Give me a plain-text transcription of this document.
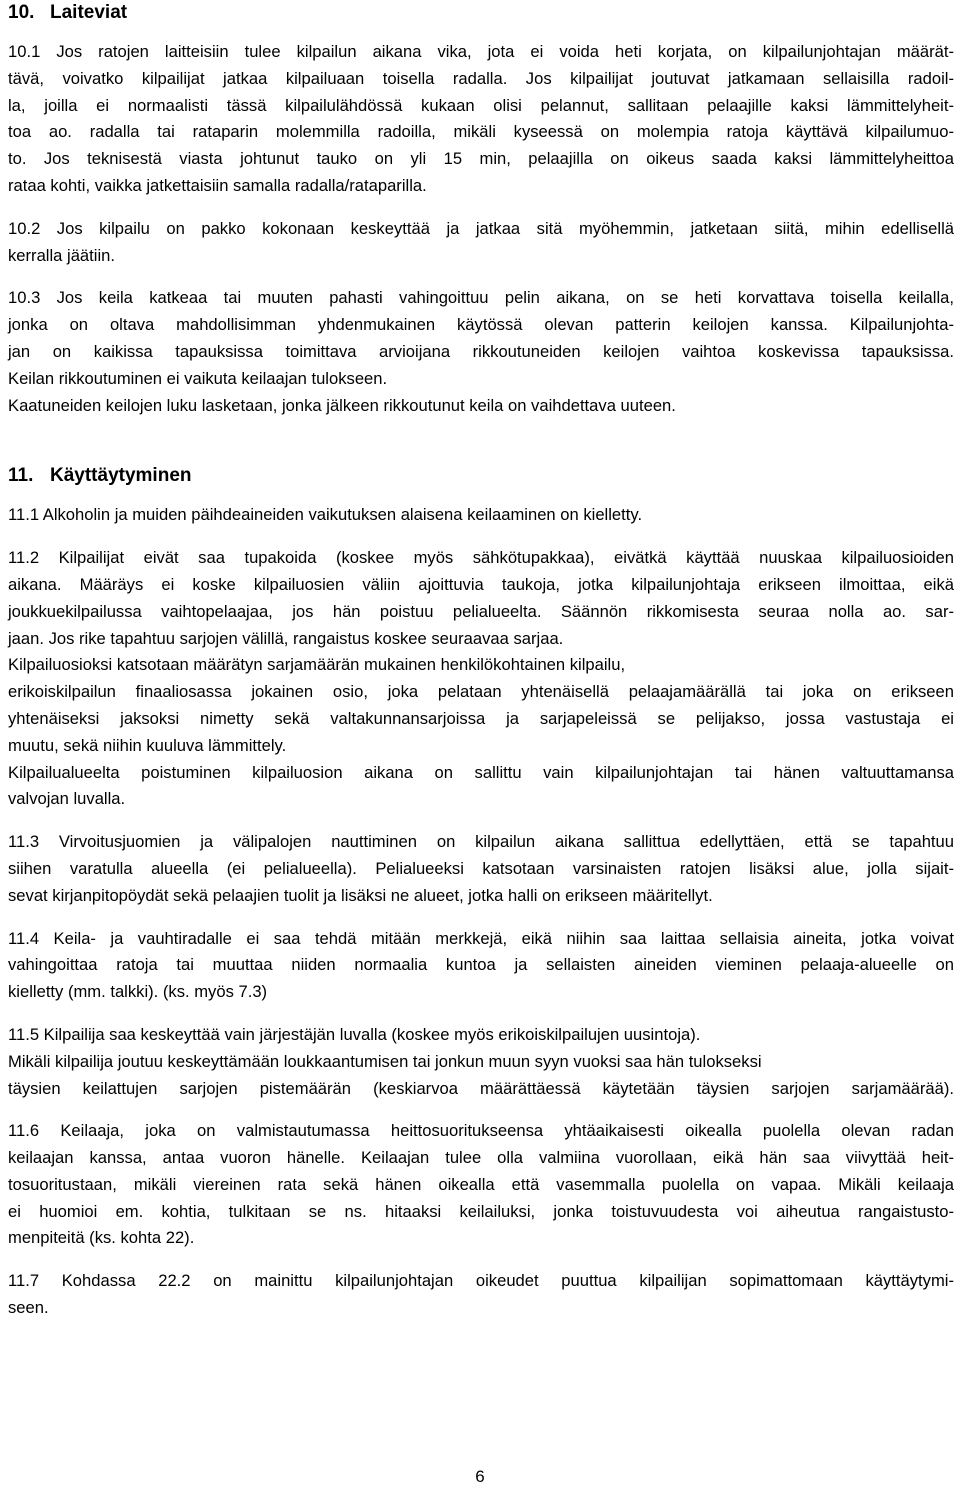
10. Laiteviat

10.1 Jos ratojen laitteisiin tulee kilpailun aikana vika, jota ei voida heti korjata, on kilpailunjohtajan määrät-
tävä, voivatko kilpailijat jatkaa kilpailuaan toisella radalla. Jos kilpailijat joutuvat jatkamaan sellaisilla radoil-
la, joilla ei normaalisti tässä kilpailulähdössä kukaan olisi pelannut, sallitaan pelaajille kaksi lämmittelyheit-
toa ao. radalla tai rataparin molemmilla radoilla, mikäli kyseessä on molempia ratoja käyttävä kilpailumuo-
to. Jos teknisestä viasta johtunut tauko on yli 15 min, pelaajilla on oikeus saada kaksi lämmittelyheittoa
rataa kohti, vaikka jatkettaisiin samalla radalla/rataparilla.

10.2 Jos kilpailu on pakko kokonaan keskeyttää ja jatkaa sitä myöhemmin, jatketaan siitä, mihin edellisellä
kerralla jäätiin.

10.3 Jos keila katkeaa tai muuten pahasti vahingoittuu pelin aikana, on se heti korvattava toisella keilalla,
jonka on oltava mahdollisimman yhdenmukainen käytössä olevan patterin keilojen kanssa. Kilpailunjohta-
jan on kaikissa tapauksissa toimittava arvioijana rikkoutuneiden keilojen vaihtoa koskevissa tapauksissa.
Keilan rikkoutuminen ei vaikuta keilaajan tulokseen.
Kaatuneiden keilojen luku lasketaan, jonka jälkeen rikkoutunut keila on vaihdettava uuteen.

11. Käyttäytyminen

11.1 Alkoholin ja muiden päihdeaineiden vaikutuksen alaisena keilaaminen on kielletty.

11.2 Kilpailijat eivät saa tupakoida (koskee myös sähkötupakkaa), eivätkä käyttää nuuskaa kilpailuosioiden
aikana. Määräys ei koske kilpailuosien väliin ajoittuvia taukoja, jotka kilpailunjohtaja erikseen ilmoittaa, eikä
joukkuekilpailussa vaihtopelaajaa, jos hän poistuu pelialueelta. Säännön rikkomisesta seuraa nolla ao. sar-
jaan. Jos rike tapahtuu sarjojen välillä, rangaistus koskee seuraavaa sarjaa.
Kilpailuosioksi katsotaan määrätyn sarjamäärän mukainen henkilökohtainen kilpailu,
erikoiskilpailun finaaliosassa jokainen osio, joka pelataan yhtenäisellä pelaajamäärällä tai joka on erikseen
yhtenäiseksi jaksoksi nimetty sekä valtakunnansarjoissa ja sarjapeleissä se pelijakso, jossa vastustaja ei
muutu, sekä niihin kuuluva lämmittely.
Kilpailualueelta poistuminen kilpailuosion aikana on sallittu vain kilpailunjohtajan tai hänen valtuuttamansa
valvojan luvalla.

11.3 Virvoitusjuomien ja välipalojen nauttiminen on kilpailun aikana sallittua edellyttäen, että se tapahtuu
siihen varatulla alueella (ei pelialueella). Pelialueeksi katsotaan varsinaisten ratojen lisäksi alue, jolla sijait-
sevat kirjanpitopöydät sekä pelaajien tuolit ja lisäksi ne alueet, jotka halli on erikseen määritellyt.

11.4 Keila- ja vauhtiradalle ei saa tehdä mitään merkkejä, eikä niihin saa laittaa sellaisia aineita, jotka voivat
vahingoittaa ratoja tai muuttaa niiden normaalia kuntoa ja sellaisten aineiden vieminen pelaaja-alueelle on
kielletty (mm. talkki). (ks. myös 7.3)

11.5 Kilpailija saa keskeyttää vain järjestäjän luvalla (koskee myös erikoiskilpailujen uusintoja).
Mikäli kilpailija joutuu keskeyttämään loukkaantumisen tai jonkun muun syyn vuoksi saa hän tulokseksi
täysien keilattujen sarjojen pistemäärän (keskiarvoa määrättäessä käytetään täysien sarjojen sarjamäärää).

11.6 Keilaaja, joka on valmistautumassa heittosuoritukseensa yhtäaikaisesti oikealla puolella olevan radan
keilaajan kanssa, antaa vuoron hänelle. Keilaajan tulee olla valmiina vuorollaan, eikä hän saa viivyttää heit-
tosuoritustaan, mikäli viereinen rata sekä hänen oikealla että vasemmalla puolella on vapaa. Mikäli keilaaja
ei huomioi em. kohtia, tulkitaan se ns. hitaaksi keilailuksi, jonka toistuvuudesta voi aiheutua rangaistusto-
menpiteitä (ks. kohta 22).

11.7 Kohdassa 22.2 on mainittu kilpailunjohtajan oikeudet puuttua kilpailijan sopimattomaan käyttäytymi-
seen.

6
